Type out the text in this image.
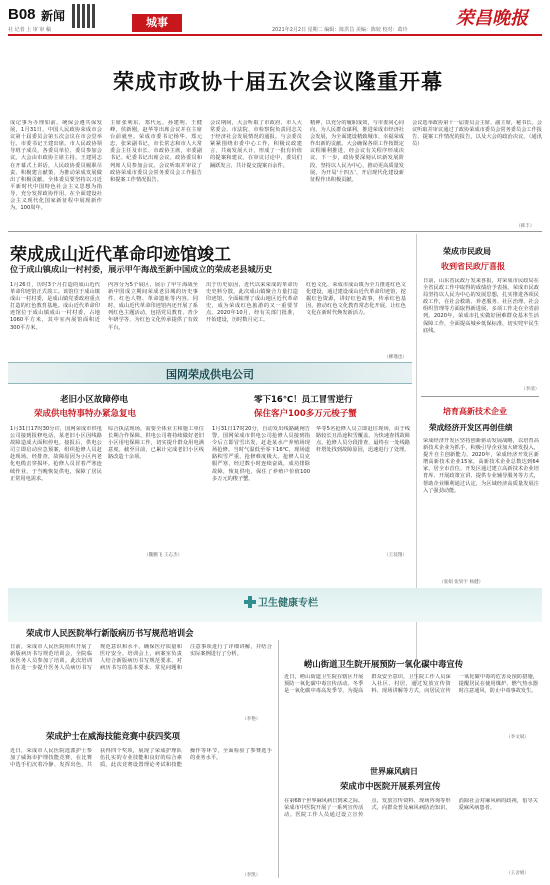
B08 新闻
社 记者 上 审 审 稿
城事
2021年2月2日 星期二 编辑：陈洪昌 美编：陈姣 校对：葛玲
荣昌晚报
荣成市政协十届五次会议隆重开幕
成记事为办理如前。统保会遵共保发展，1月31日，中国人民政协荣成市会议第十届委员会第五次会议在市会堂举行。市委书记王建出席。市人民政协领导班子成员，各委员单位、委员参加会议。大会由市政协主席主持。王建同志在开幕式上讲话，人民政协委员履职尽责、积极建言献策，为推动荣成发展做出了积极贡献。全体委员要坚持以习近平新时代中国特色社会主义思想为指导，充分发挥政协作用，在全面建设社会主义现代化国家新征程中展现新作为。100周年。
主席张利东，郑代远，孙建明，王健峰，侯新刚，赵华等出席会议并在主席台前就坐。荣成市委书记杨华，郑元忠、张荣副书记，市长常志和市人大常委会主任及市长、市政协主席，市委副书记、纪委书记出席会议。政协委员和列席人员参加会议。会议听取并审议了政协荣成市委员会常务委员会工作报告和提案工作情况报告。
会议期间，大会听取了市政府、市人大常委会、市法院、市检察院负责同志关于经济社会发展情况的通报。与会委员紧紧围绕市委中心工作，积极议政建言，共商发展大计，形成了一批有价值的提案和建议。在审议讨论中，委员们踊跃发言，共计提交提案百余件。
精神，以充分的履职成效，与市委同心同向，为人民群众谋利，推进荣成市经济社会发展，为全面建设精致城市、幸福荣成作出新的贡献。大会确保各项工作按既定议程顺利推进，经会议有关程序形成决议。下一步，政协要深刻认识新发展阶段，坚持以人民为中心，推动更高质量发展，为开局'十四五'、开启现代化建设新征程作出积极贡献。
会议选举政协第十一届委员会主席、副主席，秘书长。会议听取并审议通过了政协荣成市委员会常务委员会工作报告、提案工作情况的报告，以及大会的政治决议。（通讯员）
（韩丰）
荣成成山近代革命印迹馆竣工
位于成山镇成山一村村委，展示甲午海战至新中国成立的荣成老县城历史
1月26日，历时3个月打造的成山近代革命印迹馆正式竣工。该馆位于成山镇成山一村村委，是成山镇党委政府重点打造的红色教育基地。成山近代革命印迹馆位于成山镇成山一村村委，占地1060平方米，其中室内展馆面积近300平方米。
内容分为5个展区，展示了甲午海战至新中国成立期间荣成老县城的历史事件、红色人物、革命遗址等内容。同时，成山近代革命印迹馆内还开展了系列红色主题活动，包括党员教育、青少年研学等，为红色文化传承提供了有效平台。
出于历史原因，近代以来荣成的革命历史史料分散，此次成山镇聚合力量打造印迹馆，全面梳理了成山地区近代革命史，成为荣成红色旅游的又一重要节点。2020年10月，经有关部门批准，开始建设，历时数月完工。
红色文化，荣成市成山镇为全力推进红色文化建设，通过建设成山近代革命印迹馆，挖掘红色资源，讲好红色故事，传承红色基因，推动红色文化教育常态化开展，让红色文化在新时代焕发新活力。
（柳瑾也）
荣成市民政局
收到省民政厅喜报
日前，山东省民政厅发来喜报，对荣成市民政局在全省民政工作中取得的成绩给予表扬。荣成市民政局坚持以人民为中心的发展思想，扎实推进各项民政工作，在社会救助、养老服务、社区治理、社会组织管理等方面取得新进展，多项工作走在全省前列。2020年，荣成市扎实做好困难群众基本生活保障工作，全面提高城乡低保标准，切实兜牢民生底线。
（李清）
培育高新技术企业
荣成经济开发区再创佳绩
荣成经济开发区坚持创新驱动发展战略，以培育高新技术企业为抓手，积极引导企业加大研发投入，提升自主创新能力。2020年，荣成经济开发区新增高新技术企业15家，高新技术企业总数达到64家，居全市首位。开发区通过建立高新技术企业培育库、开展政策宣讲、提供专业辅导服务等方式，帮助企业顺利通过认定，为区域经济高质量发展注入了强劲动能。
（张娟 张钊宇 杨健）
国网荣成供电公司
老旧小区故障停电
荣成供电特事特办紧急复电
1月31日17时30分许，国网荣成市供电公司接到报修电话，某老旧小区因线路故障造成大面积停电。接报后，供电公司立即启动应急预案，组织抢修人员赶赴现场。经排查，故障原因为小区内老化电缆击穿损坏。抢修人员冒着严寒连续作业，于当晚恢复供电，保障了居民正常用电需求。
综合执法现场，需要全体业主和施工单位长期合作保障。供电公司将持续做好老旧小区用电保障工作，切实提升群众用电满意度。截至目前，已累计完成老旧小区线路改造十余项。
（魏鹏飞 王志杰）
零下16℃！员工冒雪逆行
保住客户100多万元梭子蟹
1月31日17时20分，自动发出线路跳闸告警。国网荣成市供电公司抢修人员接到指令后立即冒雪出发，赶赴某水产养殖场现场抢修。当时气温低至零下16℃，现场道路积雪严重，抢修难度极大。抢修人员克服严寒，经过数小时连续奋战，成功排除故障，恢复供电，保住了养殖户价值100多万元的梭子蟹。
华等5名抢修人员立即赶往现场，由于线路较长且沿途积雪覆盖，为快速查找故障点，抢修人员分段排查，最终在一处线路杆塔处找到故障原因，迅速进行了处理。
（王琰翔）
卫生健康专栏
荣成市人民医院举行新版病历书写规范培训会
日前，荣成市人民医院组织开展了新版病历书写规范培训会，全院临床医务人员参加了培训。此次培训旨在进一步提升医务人员病历书写规范意识和水平，确保医疗质量和医疗安全。培训会上，病案室负责人结合新版病历书写规范要求，对病历书写的基本要求、常见问题和注意事项进行了详细讲解，并结合实际案例进行了分析。
（李艳）
崂山街道卫生院开展预防一氧化碳中毒宣传
近日，崂山街道卫生院在辖区开展预防一氧化碳中毒宣传活动。冬季是一氧化碳中毒高发季节，为提高群众安全意识，卫生院工作人员深入社区、村居，通过发放宣传资料、现场讲解等方式，向居民宣传一氧化碳中毒的危害及预防措施，提醒居民在使用煤炉、燃气热水器时注意通风，防止中毒事故发生。
（李文斌）
荣成护士在威海技能竞赛中获四奖项
近日，荣成市人民医院选派护士参加了威海市护理技能竞赛，在比赛中选手们沉着冷静、发挥出色，共获得四个奖项，展现了荣成护理队伍扎实的专业技能和良好的综合素质。此次竞赛设置理论考试和技能操作等环节，全面检验了参赛选手的业务水平。
（李凯）
世界麻风病日
荣成市中医院开展系列宣传
在第68个世界麻风病日到来之际，荣成市中医院开展了一系列宣传活动。医院工作人员通过设立宣传点、发放宣传资料、现场咨询等形式，向群众普及麻风病防治知识，消除社会对麻风病的歧视，倡导关爱麻风病患者。
（王舍娟）
